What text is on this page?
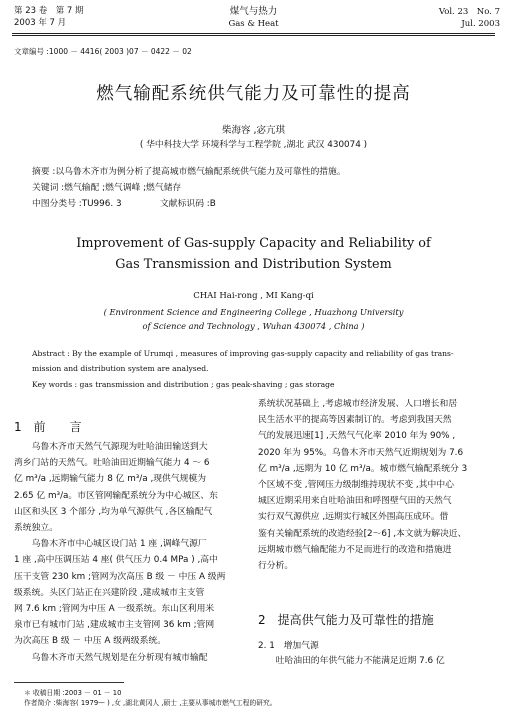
第 23 卷　第 7 期
2003 年 7 月
煤气与热力
Gas & Heat
Vol. 23　No. 7
Jul. 2003
文章编号 :1000 － 4416( 2003 )07 － 0422 － 02
燃气输配系统供气能力及可靠性的提高
柴海容 ,宓亢琪
( 华中科技大学 环境科学与工程学院 ,湖北 武汉 430074 )
摘要 :以乌鲁木齐市为例分析了提高城市燃气输配系统供气能力及可靠性的措施。
关键词 :燃气输配 ;燃气调峰 ;燃气储存
中图分类号 :TU996. 3	文献标识码 :B
Improvement of Gas-supply Capacity and Reliability of
Gas Transmission and Distribution System
CHAI Hai-rong , MI Kang-qi
( Environment Science and Engineering College , Huazhong University
of Science and Technology , Wuhan 430074 , China )
Abstract : By the example of Urumqi , measures of improving gas-supply capacity and reliability of gas trans-
mission and distribution system are analysed.
Key words : gas transmission and distribution ; gas peak-shaving ; gas storage
1　前　　言
　　乌鲁木齐市天然气气源现为吐哈油田输送到大
湾乡门站的天然气。吐哈油田近期输气能力 4 ～ 6
亿 m³/a ,远期输气能力 8 亿 m³/a ,现供气规模为
2.65 亿 m³/a。市区管网输配系统分为中心城区、东
山区和头区 3 个部分 ,均为单气源供气 ,各区输配气
系统独立。
　　乌鲁木齐市中心城区设门站 1 座 ,调峰气源厂
1 座 ,高中压调压站 4 座( 供气压力 0.4 MPa ) ,高中
压干支管 230 km ;管网为次高压 B 级 － 中压 A 级两
级系统。头区门站正在兴建阶段 ,建成城市主支管
网 7.6 km ;管网为中压 A 一级系统。东山区利用米
泉市已有城市门站 ,建成城市主支管网 36 km ;管网
为次高压 B 级 － 中压 A 级两级系统。
　　乌鲁木齐市天然气规划是在分析现有城市输配
系统状况基础上 ,考虑城市经济发展、人口增长和居
民生活水平的提高等因素制订的。考虑到我国天然
气的发展迅速[1] ,天然气气化率 2010 年为 90% ,
2020 年为 95%。乌鲁木齐市天然气近期规划为 7.6
亿 m³/a ,远期为 10 亿 m³/a。城市燃气输配系统分 3
个区域不变 ,管网压力级制维持现状不变 ,其中中心
城区近期采用来自吐哈油田和呼图壁气田的天然气
实行双气源供应 ,远期实行城区外围高压成环。借
鉴有关输配系统的改造经验[2～6] ,本文就为解决近、
远期城市燃气输配能力不足而进行的改造和措施进
行分析。
2　提高供气能力及可靠性的措施
2. 1　增加气源
　　吐哈油田的年供气能力不能满足近期 7.6 亿
＊ 收稿日期 :2003 － 01 － 10
作者简介 :柴海容( 1979— ) ,女 ,湖北黄冈人 ,硕士 ,主要从事城市燃气工程的研究。
